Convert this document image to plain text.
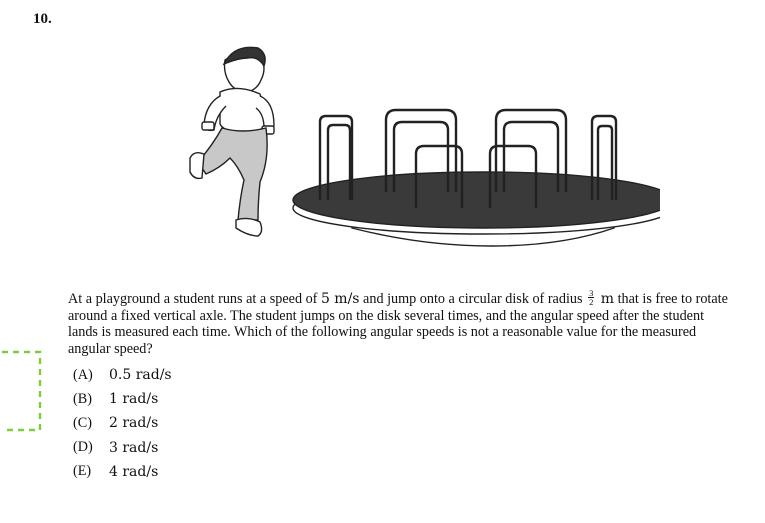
10.
At a playground a student runs at a speed of 5 m/s and jump onto a circular disk of radius $\frac{3}{2}$ m that is free to rotate around a fixed vertical axle. The student jumps on the disk several times, and the angular speed after the student lands is measured each time. Which of the following angular speeds is not a reasonable value for the measured angular speed?
(A)	0.5 rad/s
(B)	1 rad/s
(C)	2 rad/s
(D)	3 rad/s
(E)	4 rad/s
